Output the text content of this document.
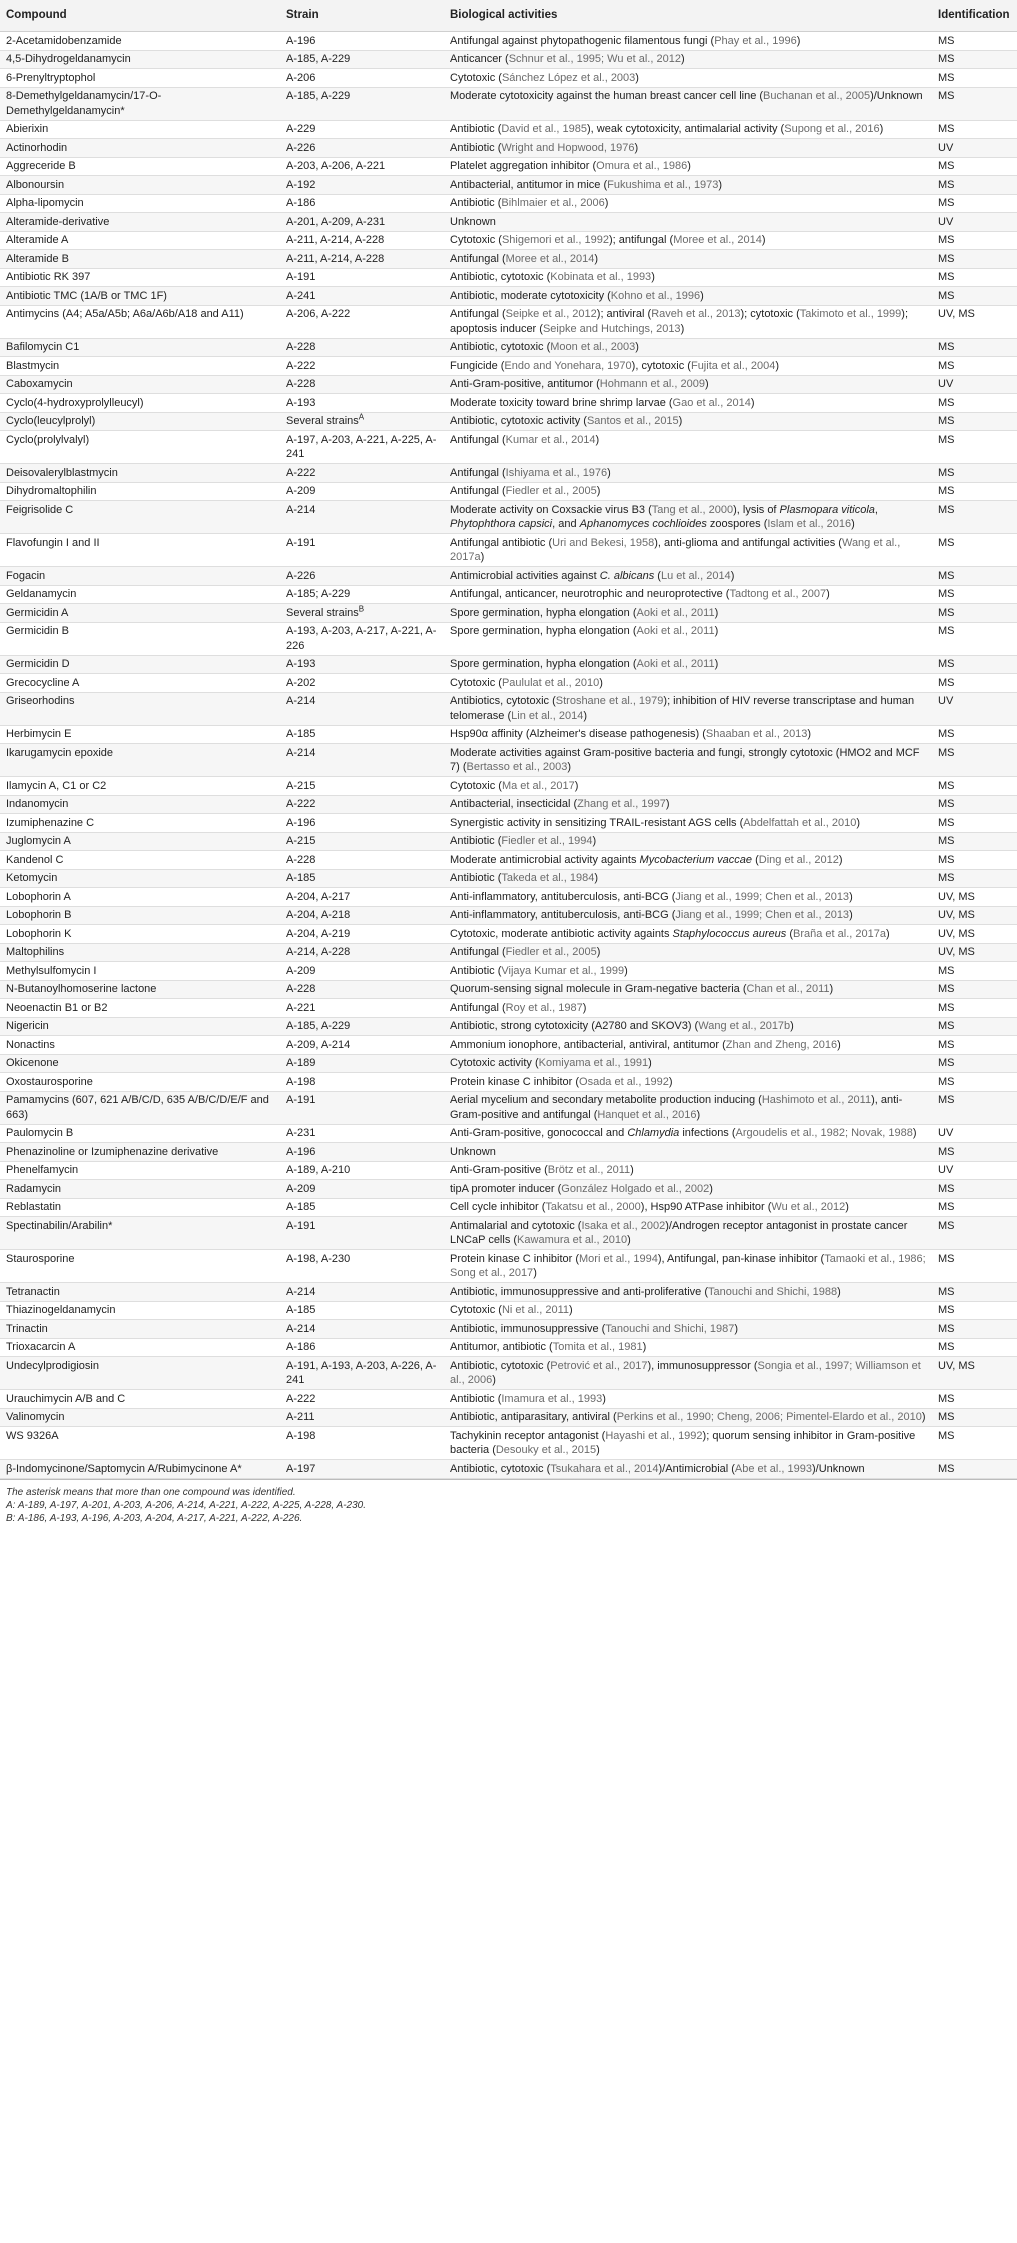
Compound	Strain	Biological activities	Identification
2-Acetamidobenzamide	A-196	Antifungal against phytopathogenic filamentous fungi (Phay et al., 1996)	MS
4,5-Dihydrogeldanamycin	A-185, A-229	Anticancer (Schnur et al., 1995; Wu et al., 2012)	MS
6-Prenyltryptophol	A-206	Cytotoxic (Sánchez López et al., 2003)	MS
8-Demethylgeldanamycin/17-O-Demethylgeldanamycin*	A-185, A-229	Moderate cytotoxicity against the human breast cancer cell line (Buchanan et al., 2005)/Unknown	MS
Abierixin	A-229	Antibiotic (David et al., 1985), weak cytotoxicity, antimalarial activity (Supong et al., 2016)	MS
Actinorhodin	A-226	Antibiotic (Wright and Hopwood, 1976)	UV
Aggreceride B	A-203, A-206, A-221	Platelet aggregation inhibitor (Omura et al., 1986)	MS
Albonoursin	A-192	Antibacterial, antitumor in mice (Fukushima et al., 1973)	MS
Alpha-lipomycin	A-186	Antibiotic (Bihlmaier et al., 2006)	MS
Alteramide-derivative	A-201, A-209, A-231	Unknown	UV
Alteramide A	A-211, A-214, A-228	Cytotoxic (Shigemori et al., 1992); antifungal (Moree et al., 2014)	MS
Alteramide B	A-211, A-214, A-228	Antifungal (Moree et al., 2014)	MS
Antibiotic RK 397	A-191	Antibiotic, cytotoxic (Kobinata et al., 1993)	MS
Antibiotic TMC (1A/B or TMC 1F)	A-241	Antibiotic, moderate cytotoxicity (Kohno et al., 1996)	MS
Antimycins (A4; A5a/A5b; A6a/A6b/A18 and A11)	A-206, A-222	Antifungal (Seipke et al., 2012); antiviral (Raveh et al., 2013); cytotoxic (Takimoto et al., 1999); apoptosis inducer (Seipke and Hutchings, 2013)	UV, MS
Bafilomycin C1	A-228	Antibiotic, cytotoxic (Moon et al., 2003)	MS
Blastmycin	A-222	Fungicide (Endo and Yonehara, 1970), cytotoxic (Fujita et al., 2004)	MS
Caboxamycin	A-228	Anti-Gram-positive, antitumor (Hohmann et al., 2009)	UV
Cyclo(4-hydroxyprolylleucyl)	A-193	Moderate toxicity toward brine shrimp larvae (Gao et al., 2014)	MS
Cyclo(leucylprolyl)	Several strains$^A$	Antibiotic, cytotoxic activity (Santos et al., 2015)	MS
Cyclo(prolylvalyl)	A-197, A-203, A-221, A-225, A-241	Antifungal (Kumar et al., 2014)	MS
Deisovalerylblastmycin	A-222	Antifungal (Ishiyama et al., 1976)	MS
Dihydromaltophilin	A-209	Antifungal (Fiedler et al., 2005)	MS
Feigrisolide C	A-214	Moderate activity on Coxsackie virus B3 (Tang et al., 2000), lysis of Plasmopara viticola, Phytophthora capsici, and Aphanomyces cochlioides zoospores (Islam et al., 2016)	MS
Flavofungin I and II	A-191	Antifungal antibiotic (Uri and Bekesi, 1958), anti-glioma and antifungal activities (Wang et al., 2017a)	MS
Fogacin	A-226	Antimicrobial activities against C. albicans (Lu et al., 2014)	MS
Geldanamycin	A-185; A-229	Antifungal, anticancer, neurotrophic and neuroprotective (Tadtong et al., 2007)	MS
Germicidin A	Several strains$^B$	Spore germination, hypha elongation (Aoki et al., 2011)	MS
Germicidin B	A-193, A-203, A-217, A-221, A-226	Spore germination, hypha elongation (Aoki et al., 2011)	MS
Germicidin D	A-193	Spore germination, hypha elongation (Aoki et al., 2011)	MS
Grecocycline A	A-202	Cytotoxic (Paululat et al., 2010)	MS
Griseorhodins	A-214	Antibiotics, cytotoxic (Stroshane et al., 1979); inhibition of HIV reverse transcriptase and human telomerase (Lin et al., 2014)	UV
Herbimycin E	A-185	Hsp90α affinity (Alzheimer's disease pathogenesis) (Shaaban et al., 2013)	MS
Ikarugamycin epoxide	A-214	Moderate activities against Gram-positive bacteria and fungi, strongly cytotoxic (HMO2 and MCF 7) (Bertasso et al., 2003)	MS
Ilamycin A, C1 or C2	A-215	Cytotoxic (Ma et al., 2017)	MS
Indanomycin	A-222	Antibacterial, insecticidal (Zhang et al., 1997)	MS
Izumiphenazine C	A-196	Synergistic activity in sensitizing TRAIL-resistant AGS cells (Abdelfattah et al., 2010)	MS
Juglomycin A	A-215	Antibiotic (Fiedler et al., 1994)	MS
Kandenol C	A-228	Moderate antimicrobial activity againts Mycobacterium vaccae (Ding et al., 2012)	MS
Ketomycin	A-185	Antibiotic (Takeda et al., 1984)	MS
Lobophorin A	A-204, A-217	Anti-inflammatory, antituberculosis, anti-BCG (Jiang et al., 1999; Chen et al., 2013)	UV, MS
Lobophorin B	A-204, A-218	Anti-inflammatory, antituberculosis, anti-BCG (Jiang et al., 1999; Chen et al., 2013)	UV, MS
Lobophorin K	A-204, A-219	Cytotoxic, moderate antibiotic activity againts Staphylococcus aureus (Braña et al., 2017a)	UV, MS
Maltophilins	A-214, A-228	Antifungal (Fiedler et al., 2005)	UV, MS
Methylsulfomycin I	A-209	Antibiotic (Vijaya Kumar et al., 1999)	MS
N-Butanoylhomoserine lactone	A-228	Quorum-sensing signal molecule in Gram-negative bacteria (Chan et al., 2011)	MS
Neoenactin B1 or B2	A-221	Antifungal (Roy et al., 1987)	MS
Nigericin	A-185, A-229	Antibiotic, strong cytotoxicity (A2780 and SKOV3) (Wang et al., 2017b)	MS
Nonactins	A-209, A-214	Ammonium ionophore, antibacterial, antiviral, antitumor (Zhan and Zheng, 2016)	MS
Okicenone	A-189	Cytotoxic activity (Komiyama et al., 1991)	MS
Oxostaurosporine	A-198	Protein kinase C inhibitor (Osada et al., 1992)	MS
Pamamycins (607, 621 A/B/C/D, 635 A/B/C/D/E/F and 663)	A-191	Aerial mycelium and secondary metabolite production inducing (Hashimoto et al., 2011), anti-Gram-positive and antifungal (Hanquet et al., 2016)	MS
Paulomycin B	A-231	Anti-Gram-positive, gonococcal and Chlamydia infections (Argoudelis et al., 1982; Novak, 1988)	UV
Phenazinoline or Izumiphenazine derivative	A-196	Unknown	MS
Phenelfamycin	A-189, A-210	Anti-Gram-positive (Brötz et al., 2011)	UV
Radamycin	A-209	tipA promoter inducer (González Holgado et al., 2002)	MS
Reblastatin	A-185	Cell cycle inhibitor (Takatsu et al., 2000), Hsp90 ATPase inhibitor (Wu et al., 2012)	MS
Spectinabilin/Arabilin*	A-191	Antimalarial and cytotoxic (Isaka et al., 2002)/Androgen receptor antagonist in prostate cancer LNCaP cells (Kawamura et al., 2010)	MS
Staurosporine	A-198, A-230	Protein kinase C inhibitor (Mori et al., 1994), Antifungal, pan-kinase inhibitor (Tamaoki et al., 1986; Song et al., 2017)	MS
Tetranactin	A-214	Antibiotic, immunosuppressive and anti-proliferative (Tanouchi and Shichi, 1988)	MS
Thiazinogeldanamycin	A-185	Cytotoxic (Ni et al., 2011)	MS
Trinactin	A-214	Antibiotic, immunosuppressive (Tanouchi and Shichi, 1987)	MS
Trioxacarcin A	A-186	Antitumor, antibiotic (Tomita et al., 1981)	MS
Undecylprodigiosin	A-191, A-193, A-203, A-226, A-241	Antibiotic, cytotoxic (Petrović et al., 2017), immunosuppressor (Songia et al., 1997; Williamson et al., 2006)	UV, MS
Urauchimycin A/B and C	A-222	Antibiotic (Imamura et al., 1993)	MS
Valinomycin	A-211	Antibiotic, antiparasitary, antiviral (Perkins et al., 1990; Cheng, 2006; Pimentel-Elardo et al., 2010)	MS
WS 9326A	A-198	Tachykinin receptor antagonist (Hayashi et al., 1992); quorum sensing inhibitor in Gram-positive bacteria (Desouky et al., 2015)	MS
β-Indomycinone/Saptomycin A/Rubimycinone A*	A-197	Antibiotic, cytotoxic (Tsukahara et al., 2014)/Antimicrobial (Abe et al., 1993)/Unknown	MS
The asterisk means that more than one compound was identified.
A: A-189, A-197, A-201, A-203, A-206, A-214, A-221, A-222, A-225, A-228, A-230.
B: A-186, A-193, A-196, A-203, A-204, A-217, A-221, A-222, A-226.
